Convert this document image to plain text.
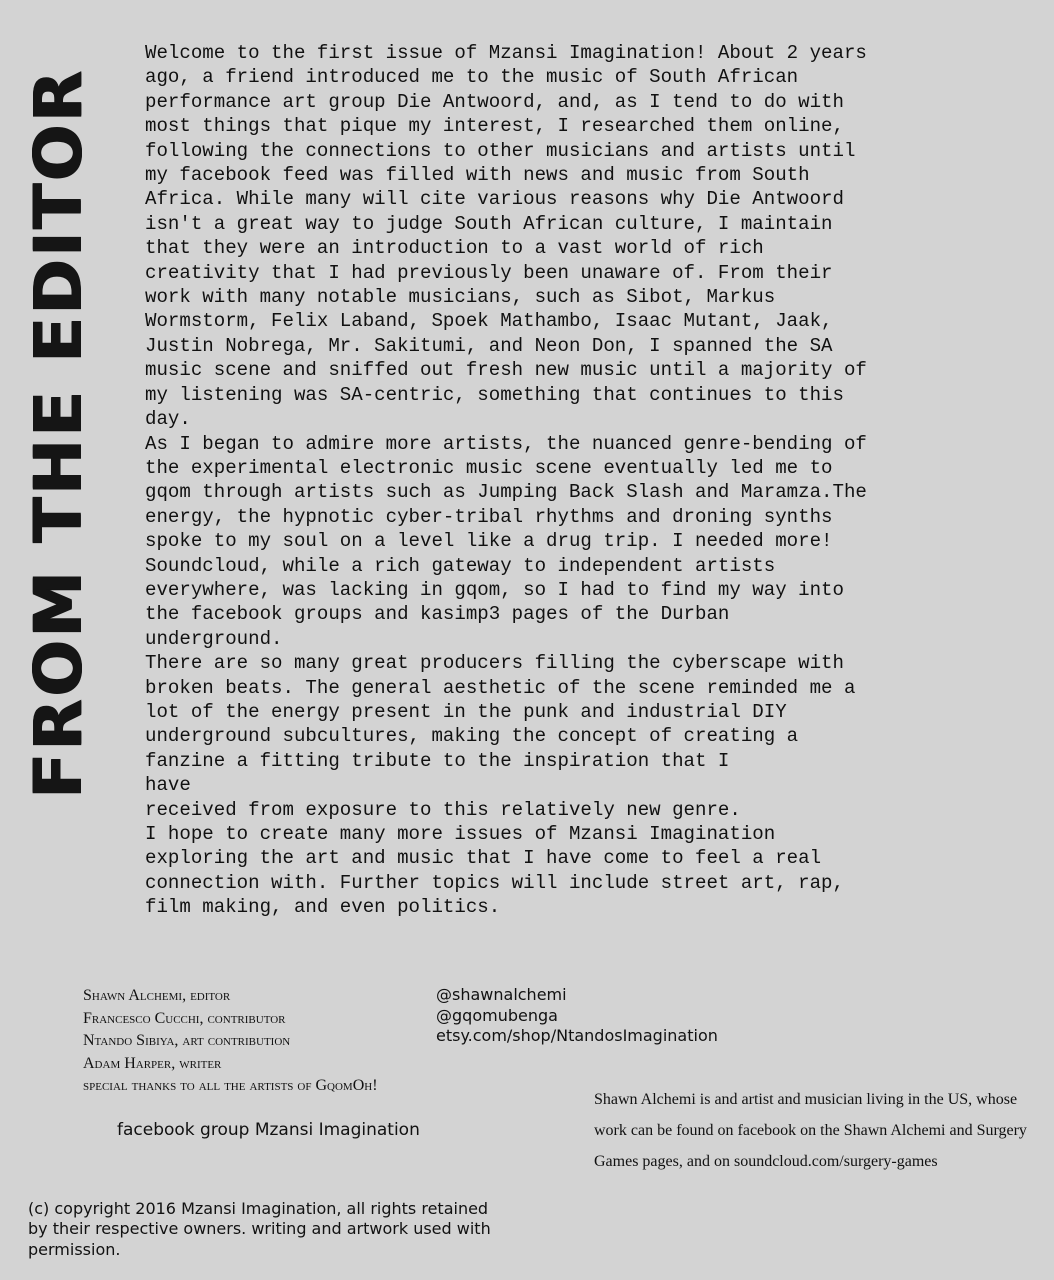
FROM THE EDITOR

Welcome to the first issue of Mzansi Imagination! About 2 years
ago, a friend introduced me to the music of South African
performance art group Die Antwoord, and, as I tend to do with
most things that pique my interest, I researched them online,
following the connections to other musicians and artists until
my facebook feed was filled with news and music from South
Africa. While many will cite various reasons why Die Antwoord
isn't a great way to judge South African culture, I maintain
that they were an introduction to a vast world of rich
creativity that I had previously been unaware of. From their
work with many notable musicians, such as Sibot, Markus
Wormstorm, Felix Laband, Spoek Mathambo, Isaac Mutant, Jaak,
Justin Nobrega, Mr. Sakitumi, and Neon Don, I spanned the SA
music scene and sniffed out fresh new music until a majority of
my listening was SA-centric, something that continues to this
day.

As I began to admire more artists, the nuanced genre-bending of
the experimental electronic music scene eventually led me to
gqom through artists such as Jumping Back Slash and Maramza.The
energy, the hypnotic cyber-tribal rhythms and droning synths
spoke to my soul on a level like a drug trip. I needed more!
Soundcloud, while a rich gateway to independent artists
everywhere, was lacking in gqom, so I had to find my way into
the facebook groups and kasimp3 pages of the Durban
underground.

There are so many great producers filling the cyberscape with
broken beats. The general aesthetic of the scene reminded me a
lot of the energy present in the punk and industrial DIY
underground subcultures, making the concept of creating a
fanzine a fitting tribute to the inspiration that I
have
received from exposure to this relatively new genre.

I hope to create many more issues of Mzansi Imagination
exploring the art and music that I have come to feel a real
connection with. Further topics will include street art, rap,
film making, and even politics.

Shawn Alchemi, editor
Francesco Cucchi, contributor
Ntando Sibiya, art contribution
Adam Harper, writer
special thanks to all the artists of GqomOh!
@shawnalchemi
@gqomubenga
etsy.com/shop/NtandosImagination
facebook group Mzansi Imagination
Shawn Alchemi is and artist and musician living in the US, whose work can be found on facebook on the Shawn Alchemi and Surgery Games pages, and on soundcloud.com/surgery-games
(c) copyright 2016 Mzansi Imagination, all rights retained by their respective owners. writing and artwork used with permission.
